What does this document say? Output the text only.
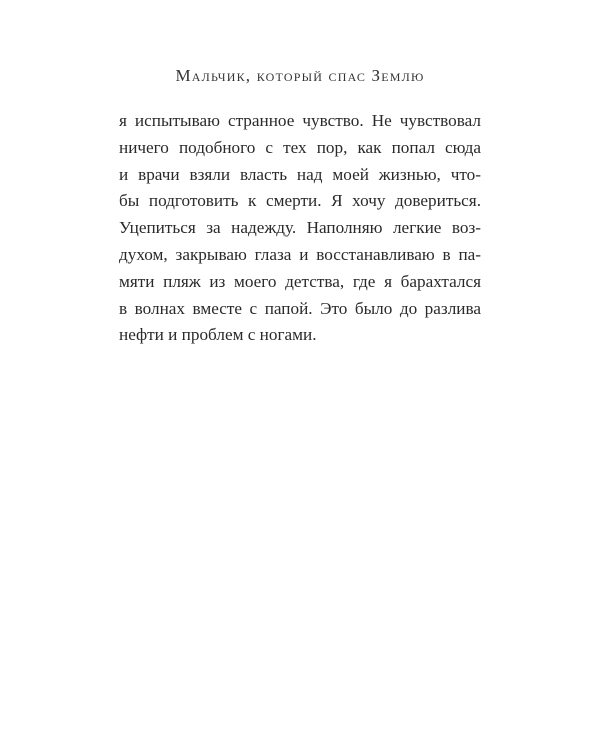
Мальчик, который спас Землю
я испытываю странное чувство. Не чувствовал
ничего подобного с тех пор, как попал сюда
и врачи взяли власть над моей жизнью, что-
бы подготовить к смерти. Я хочу довериться.
Уцепиться за надежду. Наполняю легкие воз-
духом, закрываю глаза и восстанавливаю в па-
мяти пляж из моего детства, где я барахтался
в волнах вместе с папой. Это было до разлива
нефти и проблем с ногами.
